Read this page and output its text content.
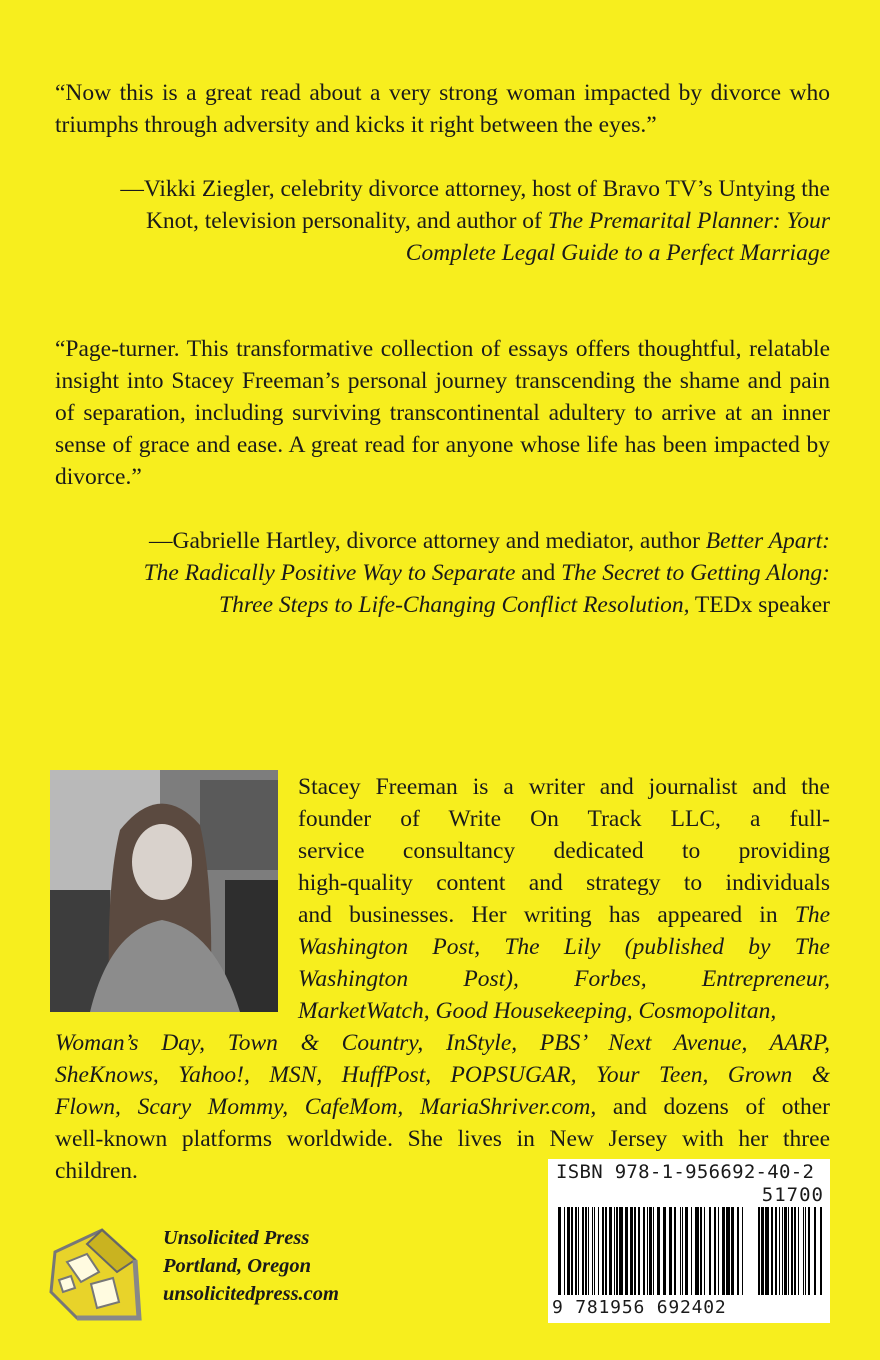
“Now this is a great read about a very strong woman impacted by divorce who triumphs through adversity and kicks it right between the eyes.”

—Vikki Ziegler, celebrity divorce attorney, host of Bravo TV’s Untying the
Knot, television personality, and author of The Premarital Planner: Your
Complete Legal Guide to a Perfect Marriage

“Page-turner. This transformative collection of essays offers thoughtful, relatable insight into Stacey Freeman’s personal journey transcending the shame and pain of separation, including surviving transcontinental adultery to arrive at an inner sense of grace and ease. A great read for anyone whose life has been impacted by divorce.”

—Gabrielle Hartley, divorce attorney and mediator, author Better Apart:
The Radically Positive Way to Separate and The Secret to Getting Along:
Three Steps to Life-Changing Conflict Resolution, TEDx speaker

Stacey Freeman is a writer and journalist and the
founder of Write On Track LLC, a full-
service consultancy dedicated to providing
high-quality content and strategy to individuals
and businesses. Her writing has appeared in The
Washington Post, The Lily (published by The
Washington Post), Forbes, Entrepreneur,
MarketWatch, Good Housekeeping, Cosmopolitan,
Woman’s Day, Town & Country, InStyle, PBS’ Next Avenue, AARP,
SheKnows, Yahoo!, MSN, HuffPost, POPSUGAR, Your Teen, Grown &
Flown, Scary Mommy, CafeMom, MariaShriver.com, and dozens of other
well-known platforms worldwide. She lives in New Jersey with her three
children.

Unsolicited Press
Portland, Oregon
unsolicitedpress.com
ISBN 978-1-956692-40-2
51700
9 781956 692402
